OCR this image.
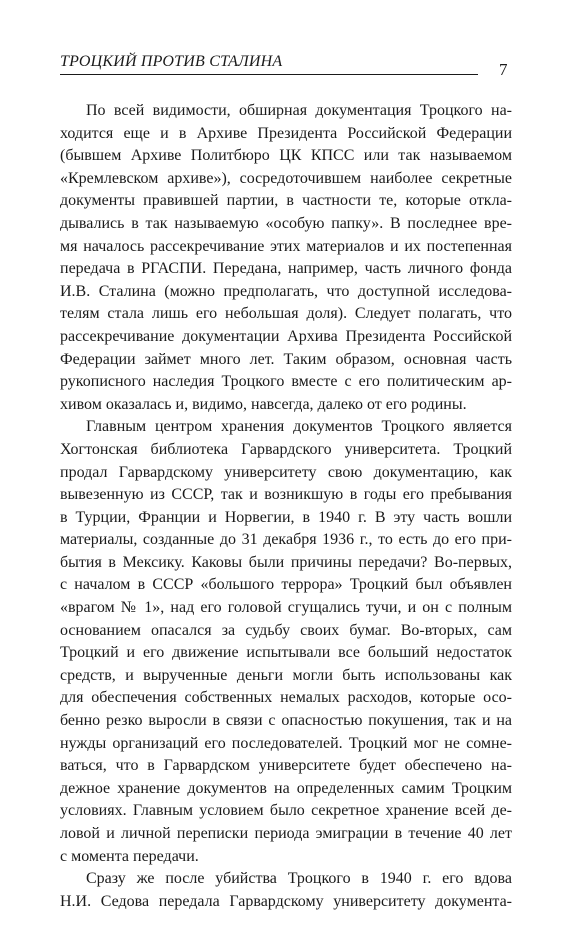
ТРОЦКИЙ ПРОТИВ СТАЛИНА	7
По всей видимости, обширная документация Троцкого на-
ходится еще и в Архиве Президента Российской Федерации
(бывшем Архиве Политбюро ЦК КПСС или так называемом
«Кремлевском архиве»), сосредоточившем наиболее секретные
документы правившей партии, в частности те, которые откла-
дывались в так называемую «особую папку». В последнее вре-
мя началось рассекречивание этих материалов и их постепенная
передача в РГАСПИ. Передана, например, часть личного фонда
И.В. Сталина (можно предполагать, что доступной исследова-
телям стала лишь его небольшая доля). Следует полагать, что
рассекречивание документации Архива Президента Российской
Федерации займет много лет. Таким образом, основная часть
рукописного наследия Троцкого вместе с его политическим ар-
хивом оказалась и, видимо, навсегда, далеко от его родины.
Главным центром хранения документов Троцкого является
Хогтонская библиотека Гарвардского университета. Троцкий
продал Гарвардскому университету свою документацию, как
вывезенную из СССР, так и возникшую в годы его пребывания
в Турции, Франции и Норвегии, в 1940 г. В эту часть вошли
материалы, созданные до 31 декабря 1936 г., то есть до его при-
бытия в Мексику. Каковы были причины передачи? Во-первых,
с началом в СССР «большого террора» Троцкий был объявлен
«врагом № 1», над его головой сгущались тучи, и он с полным
основанием опасался за судьбу своих бумаг. Во-вторых, сам
Троцкий и его движение испытывали все больший недостаток
средств, и вырученные деньги могли быть использованы как
для обеспечения собственных немалых расходов, которые осо-
бенно резко выросли в связи с опасностью покушения, так и на
нужды организаций его последователей. Троцкий мог не сомне-
ваться, что в Гарвардском университете будет обеспечено на-
дежное хранение документов на определенных самим Троцким
условиях. Главным условием было секретное хранение всей де-
ловой и личной переписки периода эмиграции в течение 40 лет
с момента передачи.
Сразу же после убийства Троцкого в 1940 г. его вдова
Н.И. Седова передала Гарвардскому университету документа-
